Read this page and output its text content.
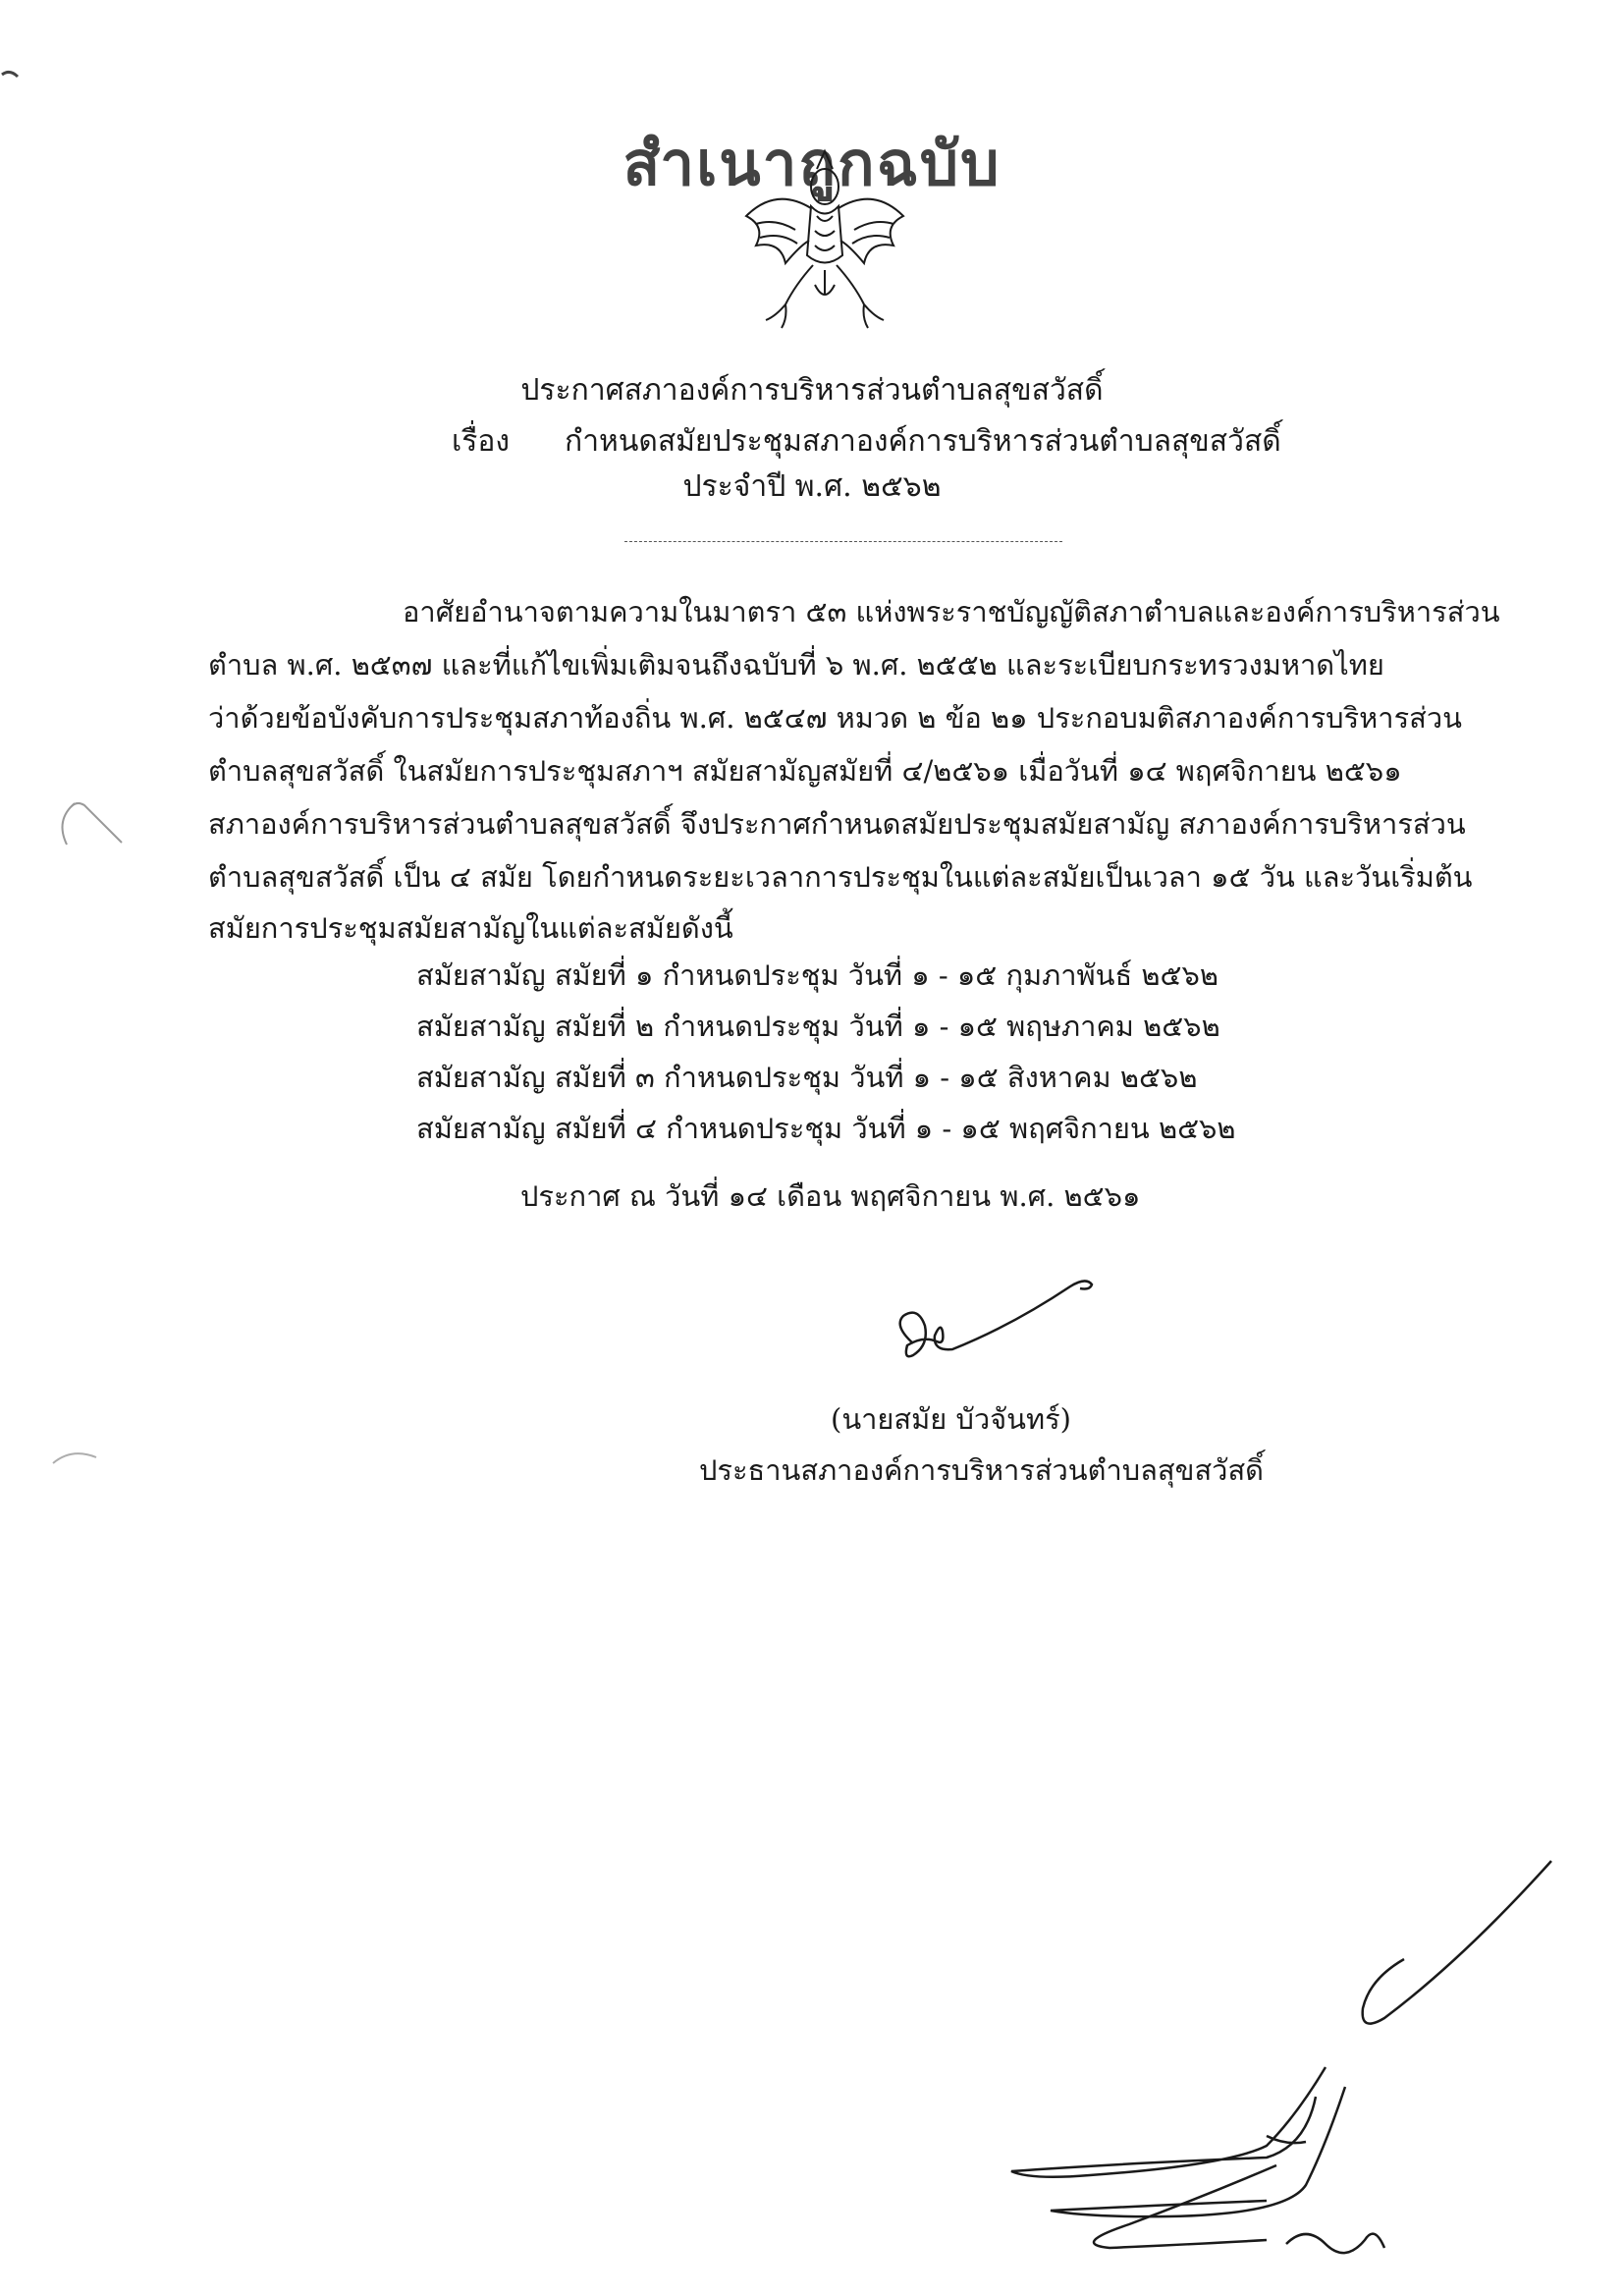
สำเนาถูกฉบับ
ประกาศสภาองค์การบริหารส่วนตำบลสุขสวัสดิ์
เรื่อง กำหนดสมัยประชุมสภาองค์การบริหารส่วนตำบลสุขสวัสดิ์
ประจำปี พ.ศ. ๒๕๖๒
อาศัยอำนาจตามความในมาตรา ๕๓ แห่งพระราชบัญญัติสภาตำบลและองค์การบริหารส่วน
ตำบล พ.ศ. ๒๕๓๗ และที่แก้ไขเพิ่มเติมจนถึงฉบับที่ ๖ พ.ศ. ๒๕๕๒ และระเบียบกระทรวงมหาดไทย
ว่าด้วยข้อบังคับการประชุมสภาท้องถิ่น พ.ศ. ๒๕๔๗ หมวด ๒ ข้อ ๒๑ ประกอบมติสภาองค์การบริหารส่วน
ตำบลสุขสวัสดิ์ ในสมัยการประชุมสภาฯ สมัยสามัญสมัยที่ ๔/๒๕๖๑ เมื่อวันที่ ๑๔ พฤศจิกายน ๒๕๖๑
สภาองค์การบริหารส่วนตำบลสุขสวัสดิ์ จึงประกาศกำหนดสมัยประชุมสมัยสามัญ สภาองค์การบริหารส่วน
ตำบลสุขสวัสดิ์ เป็น ๔ สมัย โดยกำหนดระยะเวลาการประชุมในแต่ละสมัยเป็นเวลา ๑๕ วัน และวันเริ่มต้น
สมัยการประชุมสมัยสามัญในแต่ละสมัยดังนี้
สมัยสามัญ สมัยที่ ๑ กำหนดประชุม วันที่ ๑ - ๑๕ กุมภาพันธ์ ๒๕๖๒
สมัยสามัญ สมัยที่ ๒ กำหนดประชุม วันที่ ๑ - ๑๕ พฤษภาคม ๒๕๖๒
สมัยสามัญ สมัยที่ ๓ กำหนดประชุม วันที่ ๑ - ๑๕ สิงหาคม ๒๕๖๒
สมัยสามัญ สมัยที่ ๔ กำหนดประชุม วันที่ ๑ - ๑๕ พฤศจิกายน ๒๕๖๒
ประกาศ ณ วันที่ ๑๔ เดือน พฤศจิกายน พ.ศ. ๒๕๖๑
(นายสมัย บัวจันทร์)
ประธานสภาองค์การบริหารส่วนตำบลสุขสวัสดิ์
